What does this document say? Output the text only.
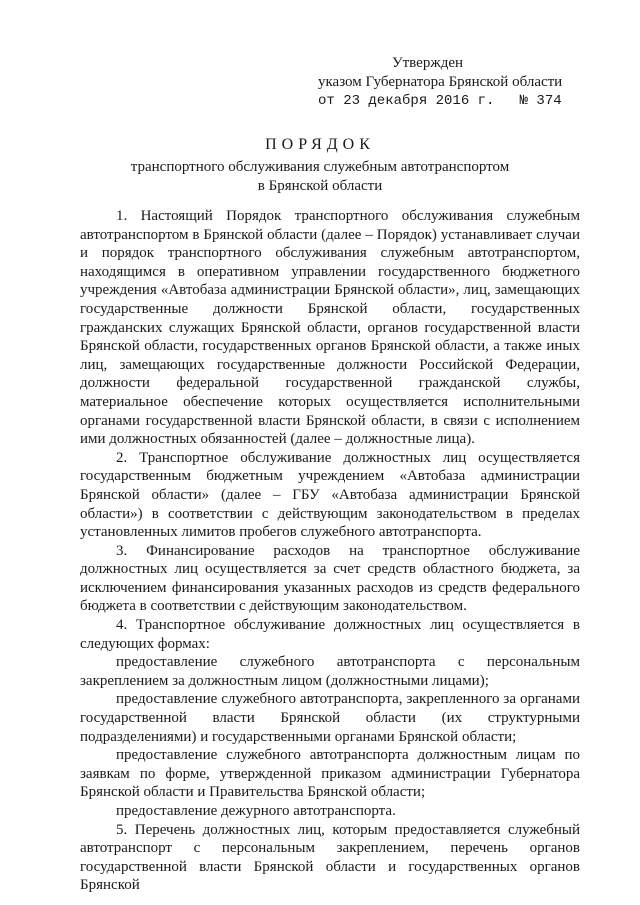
Утвержден
указом Губернатора Брянской области
от 23 декабря 2016 г.   № 374
ПОРЯДОК
транспортного обслуживания служебным автотранспортом
в Брянской области

1. Настоящий Порядок транспортного обслуживания служебным автотранспортом в Брянской области (далее – Порядок) устанавливает случаи и порядок транспортного обслуживания служебным автотранспортом, находящимся в оперативном управлении государственного бюджетного учреждения «Автобаза администрации Брянской области», лиц, замещающих государственные должности Брянской области, государственных гражданских служащих Брянской области, органов государственной власти Брянской области, государственных органов Брянской области, а также иных лиц, замещающих государственные должности Российской Федерации, должности федеральной государственной гражданской службы, материальное обеспечение которых осуществляется исполнительными органами государственной власти Брянской области, в связи с исполнением ими должностных обязанностей (далее – должностные лица).

2. Транспортное обслуживание должностных лиц осуществляется государственным бюджетным учреждением «Автобаза администрации Брянской области» (далее – ГБУ «Автобаза администрации Брянской области») в соответствии с действующим законодательством в пределах установленных лимитов пробегов служебного автотранспорта.

3. Финансирование расходов на транспортное обслуживание должностных лиц осуществляется за счет средств областного бюджета, за исключением финансирования указанных расходов из средств федерального бюджета в соответствии с действующим законодательством.

4. Транспортное обслуживание должностных лиц осуществляется в следующих формах:

предоставление служебного автотранспорта с персональным закреплением за должностным лицом (должностными лицами);

предоставление служебного автотранспорта, закрепленного за органами государственной власти Брянской области (их структурными подразделениями) и государственными органами Брянской области;

предоставление служебного автотранспорта должностным лицам по заявкам по форме, утвержденной приказом администрации Губернатора Брянской области и Правительства Брянской области;

предоставление дежурного автотранспорта.

5. Перечень должностных лиц, которым предоставляется служебный автотранспорт с персональным закреплением, перечень органов государственной власти Брянской области и государственных органов Брянской
